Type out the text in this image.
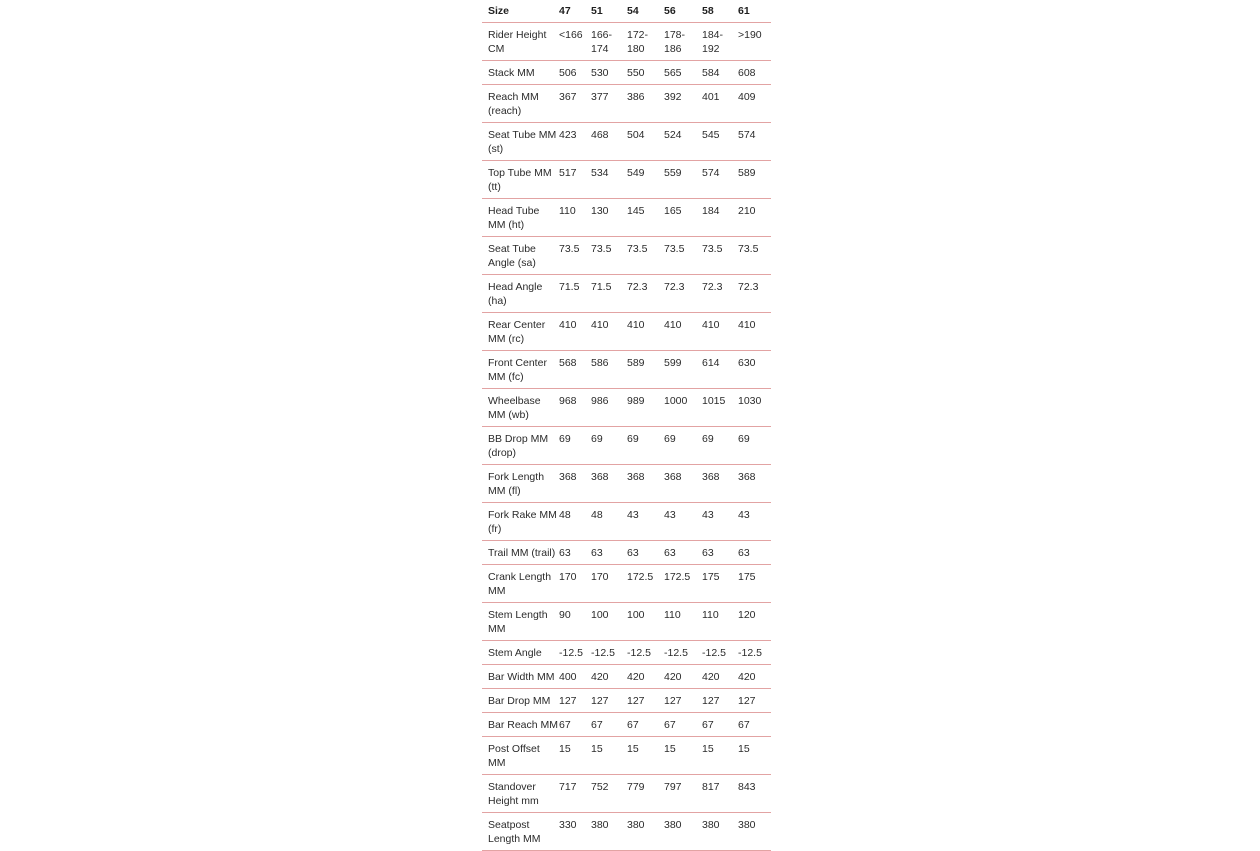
Size	47	51	54	56	58	61
Rider Height CM	<166	166-174	172-180	178-186	184-192	>190
Stack MM	506	530	550	565	584	608
Reach MM (reach)	367	377	386	392	401	409
Seat Tube MM (st)	423	468	504	524	545	574
Top Tube MM (tt)	517	534	549	559	574	589
Head Tube MM (ht)	110	130	145	165	184	210
Seat Tube Angle (sa)	73.5	73.5	73.5	73.5	73.5	73.5
Head Angle (ha)	71.5	71.5	72.3	72.3	72.3	72.3
Rear Center MM (rc)	410	410	410	410	410	410
Front Center MM (fc)	568	586	589	599	614	630
Wheelbase MM (wb)	968	986	989	1000	1015	1030
BB Drop MM (drop)	69	69	69	69	69	69
Fork Length MM (fl)	368	368	368	368	368	368
Fork Rake MM (fr)	48	48	43	43	43	43
Trail MM (trail)	63	63	63	63	63	63
Crank Length MM	170	170	172.5	172.5	175	175
Stem Length MM	90	100	100	110	110	120
Stem Angle	-12.5	-12.5	-12.5	-12.5	-12.5	-12.5
Bar Width MM	400	420	420	420	420	420
Bar Drop MM	127	127	127	127	127	127
Bar Reach MM	67	67	67	67	67	67
Post Offset MM	15	15	15	15	15	15
Standover Height mm	717	752	779	797	817	843
Seatpost Length MM	330	380	380	380	380	380
